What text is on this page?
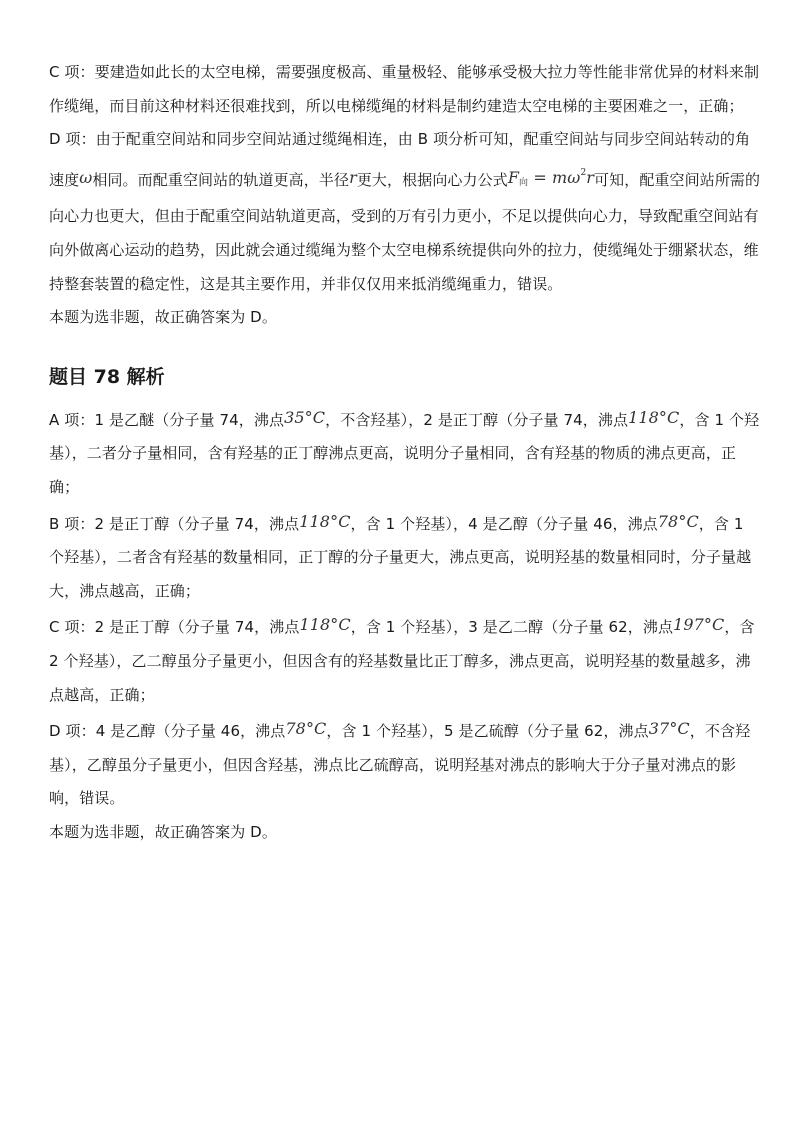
C 项：要建造如此长的太空电梯，需要强度极高、重量极轻、能够承受极大拉力等性能非常优异的材料来制作缆绳，而目前这种材料还很难找到，所以电梯缆绳的材料是制约建造太空电梯的主要困难之一，正确；

D 项：由于配重空间站和同步空间站通过缆绳相连，由 B 项分析可知，配重空间站与同步空间站转动的角速度ω相同。而配重空间站的轨道更高，半径r更大，根据向心力公式$F_向 = m\omega^2r$可知，配重空间站所需的向心力也更大，但由于配重空间站轨道更高，受到的万有引力更小，不足以提供向心力，导致配重空间站有向外做离心运动的趋势，因此就会通过缆绳为整个太空电梯系统提供向外的拉力，使缆绳处于绷紧状态，维持整套装置的稳定性，这是其主要作用，并非仅仅用来抵消缆绳重力，错误。

本题为选非题，故正确答案为 D。

题目 78 解析

A 项：1 是乙醚（分子量 74，沸点35°C，不含羟基），2 是正丁醇（分子量 74，沸点118°C，含 1 个羟基），二者分子量相同，含有羟基的正丁醇沸点更高，说明分子量相同，含有羟基的物质的沸点更高，正确；

B 项：2 是正丁醇（分子量 74，沸点118°C，含 1 个羟基），4 是乙醇（分子量 46，沸点78°C，含 1 个羟基），二者含有羟基的数量相同，正丁醇的分子量更大，沸点更高，说明羟基的数量相同时，分子量越大，沸点越高，正确；

C 项：2 是正丁醇（分子量 74，沸点118°C，含 1 个羟基），3 是乙二醇（分子量 62，沸点197°C，含 2 个羟基），乙二醇虽分子量更小，但因含有的羟基数量比正丁醇多，沸点更高，说明羟基的数量越多，沸点越高，正确；

D 项：4 是乙醇（分子量 46，沸点78°C，含 1 个羟基），5 是乙硫醇（分子量 62，沸点37°C，不含羟基），乙醇虽分子量更小，但因含羟基，沸点比乙硫醇高，说明羟基对沸点的影响大于分子量对沸点的影响，错误。

本题为选非题，故正确答案为 D。
